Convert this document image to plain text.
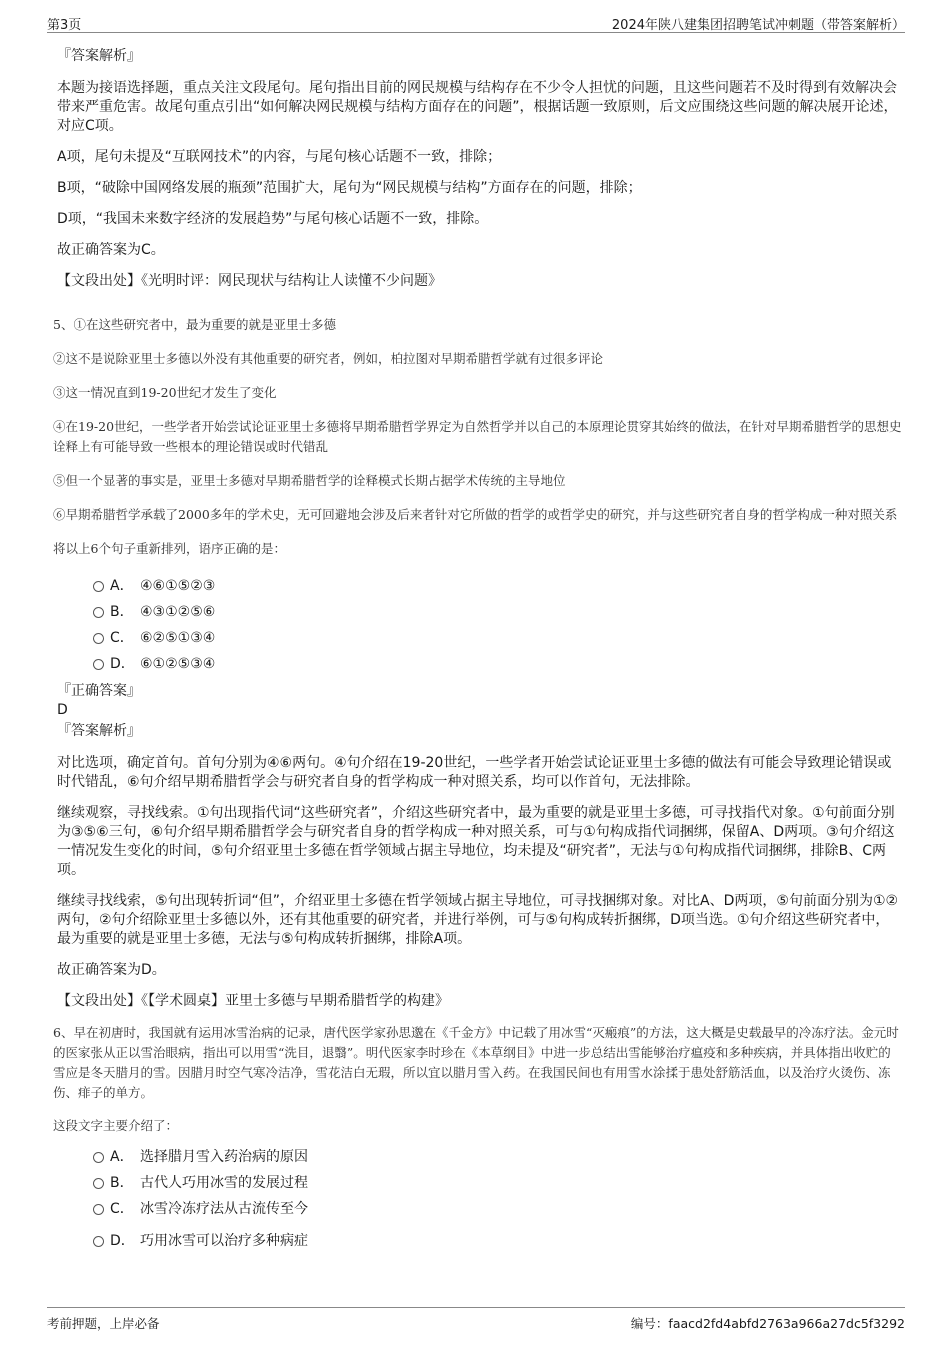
第3页	2024年陕八建集团招聘笔试冲刺题（带答案解析）

『答案解析』

本题为接语选择题，重点关注文段尾句。尾句指出目前的网民规模与结构存在不少令人担忧的问题，且这些问题若不及时得到有效解决会带来严重危害。故尾句重点引出“如何解决网民规模与结构方面存在的问题”，根据话题一致原则，后文应围绕这些问题的解决展开论述，对应C项。

A项，尾句未提及“互联网技术”的内容，与尾句核心话题不一致，排除；

B项，“破除中国网络发展的瓶颈”范围扩大，尾句为“网民规模与结构”方面存在的问题，排除；

D项，“我国未来数字经济的发展趋势”与尾句核心话题不一致，排除。

故正确答案为C。

【文段出处】《光明时评：网民现状与结构让人读懂不少问题》

5、①在这些研究者中，最为重要的就是亚里士多德

②这不是说除亚里士多德以外没有其他重要的研究者，例如，柏拉图对早期希腊哲学就有过很多评论

③这一情况直到19-20世纪才发生了变化

④在19-20世纪，一些学者开始尝试论证亚里士多德将早期希腊哲学界定为自然哲学并以自己的本原理论贯穿其始终的做法，在针对早期希腊哲学的思想史诠释上有可能导致一些根本的理论错误或时代错乱

⑤但一个显著的事实是，亚里士多德对早期希腊哲学的诠释模式长期占据学术传统的主导地位

⑥早期希腊哲学承载了2000多年的学术史，无可回避地会涉及后来者针对它所做的哲学的或哲学史的研究，并与这些研究者自身的哲学构成一种对照关系

将以上6个句子重新排列，语序正确的是：

A． ④⑥①⑤②③
B． ④③①②⑤⑥
C． ⑥②⑤①③④
D． ⑥①②⑤③④

『正确答案』

D

『答案解析』

对比选项，确定首句。首句分别为④⑥两句。④句介绍在19-20世纪，一些学者开始尝试论证亚里士多德的做法有可能会导致理论错误或时代错乱，⑥句介绍早期希腊哲学会与研究者自身的哲学构成一种对照关系，均可以作首句，无法排除。

继续观察，寻找线索。①句出现指代词“这些研究者”，介绍这些研究者中，最为重要的就是亚里士多德，可寻找指代对象。①句前面分别为③⑤⑥三句，⑥句介绍早期希腊哲学会与研究者自身的哲学构成一种对照关系，可与①句构成指代词捆绑，保留A、D两项。③句介绍这一情况发生变化的时间，⑤句介绍亚里士多德在哲学领域占据主导地位，均未提及“研究者”，无法与①句构成指代词捆绑，排除B、C两项。

继续寻找线索，⑤句出现转折词“但”，介绍亚里士多德在哲学领域占据主导地位，可寻找捆绑对象。对比A、D两项，⑤句前面分别为①②两句，②句介绍除亚里士多德以外，还有其他重要的研究者，并进行举例，可与⑤句构成转折捆绑，D项当选。①句介绍这些研究者中，最为重要的就是亚里士多德，无法与⑤句构成转折捆绑，排除A项。

故正确答案为D。

【文段出处】《【学术圆桌】亚里士多德与早期希腊哲学的构建》

6、早在初唐时，我国就有运用冰雪治病的记录，唐代医学家孙思邈在《千金方》中记载了用冰雪“灭瘢痕”的方法，这大概是史载最早的冷冻疗法。金元时的医家张从正以雪治眼病，指出可以用雪“洗目，退翳”。明代医家李时珍在《本草纲目》中进一步总结出雪能够治疗瘟疫和多种疾病，并具体指出收贮的雪应是冬天腊月的雪。因腊月时空气寒冷洁净，雪花洁白无瑕，所以宜以腊月雪入药。在我国民间也有用雪水涂揉于患处舒筋活血，以及治疗火烫伤、冻伤、痱子的单方。

这段文字主要介绍了：

A． 选择腊月雪入药治病的原因
B． 古代人巧用冰雪的发展过程
C． 冰雪冷冻疗法从古流传至今
D． 巧用冰雪可以治疗多种病症
考前押题，上岸必备	编号：faacd2fd4abfd2763a966a27dc5f3292
